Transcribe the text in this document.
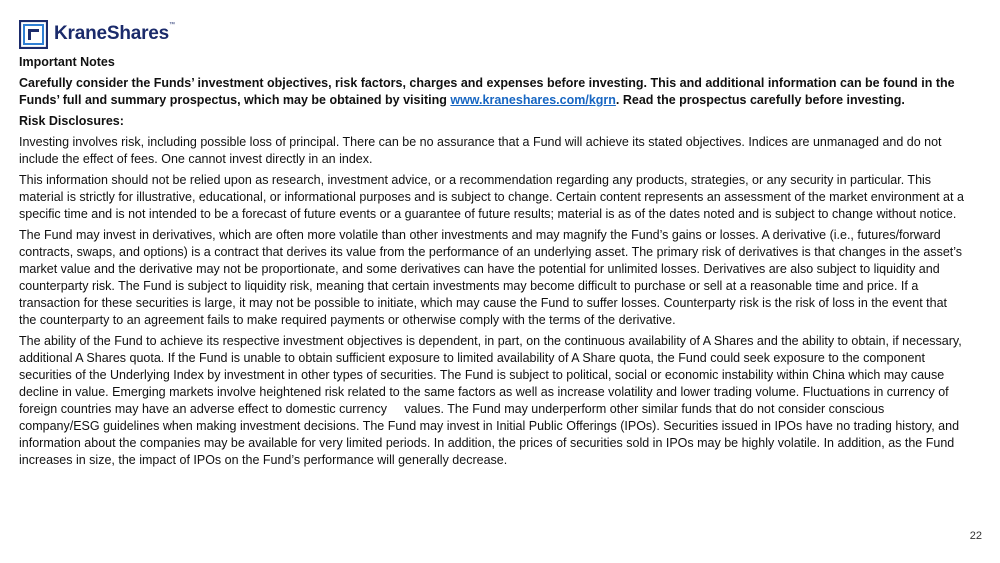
KraneShares™

Important Notes

Carefully consider the Funds’ investment objectives, risk factors, charges and expenses before investing. This and additional information can be found in the Funds’ full and summary prospectus, which may be obtained by visiting www.kraneshares.com/kgrn. Read the prospectus carefully before investing.

Risk Disclosures:

Investing involves risk, including possible loss of principal. There can be no assurance that a Fund will achieve its stated objectives. Indices are unmanaged and do not include the effect of fees. One cannot invest directly in an index.

This information should not be relied upon as research, investment advice, or a recommendation regarding any products, strategies, or any security in particular. This material is strictly for illustrative, educational, or informational purposes and is subject to change. Certain content represents an assessment of the market environment at a specific time and is not intended to be a forecast of future events or a guarantee of future results; material is as of the dates noted and is subject to change without notice.

The Fund may invest in derivatives, which are often more volatile than other investments and may magnify the Fund’s gains or losses. A derivative (i.e., futures/forward contracts, swaps, and options) is a contract that derives its value from the performance of an underlying asset. The primary risk of derivatives is that changes in the asset’s market value and the derivative may not be proportionate, and some derivatives can have the potential for unlimited losses. Derivatives are also subject to liquidity and counterparty risk. The Fund is subject to liquidity risk, meaning that certain investments may become difficult to purchase or sell at a reasonable time and price. If a transaction for these securities is large, it may not be possible to initiate, which may cause the Fund to suffer losses. Counterparty risk is the risk of loss in the event that the counterparty to an agreement fails to make required payments or otherwise comply with the terms of the derivative.

The ability of the Fund to achieve its respective investment objectives is dependent, in part, on the continuous availability of A Shares and the ability to obtain, if necessary, additional A Shares quota. If the Fund is unable to obtain sufficient exposure to limited availability of A Share quota, the Fund could seek exposure to the component securities of the Underlying Index by investment in other types of securities. The Fund is subject to political, social or economic instability within China which may cause decline in value. Emerging markets involve heightened risk related to the same factors as well as increase volatility and lower trading volume. Fluctuations in currency of foreign countries may have an adverse effect to domestic currency     values. The Fund may underperform other similar funds that do not consider conscious company/ESG guidelines when making investment decisions. The Fund may invest in Initial Public Offerings (IPOs). Securities issued in IPOs have no trading history, and information about the companies may be available for very limited periods. In addition, the prices of securities sold in IPOs may be highly volatile. In addition, as the Fund increases in size, the impact of IPOs on the Fund’s performance will generally decrease.

22
